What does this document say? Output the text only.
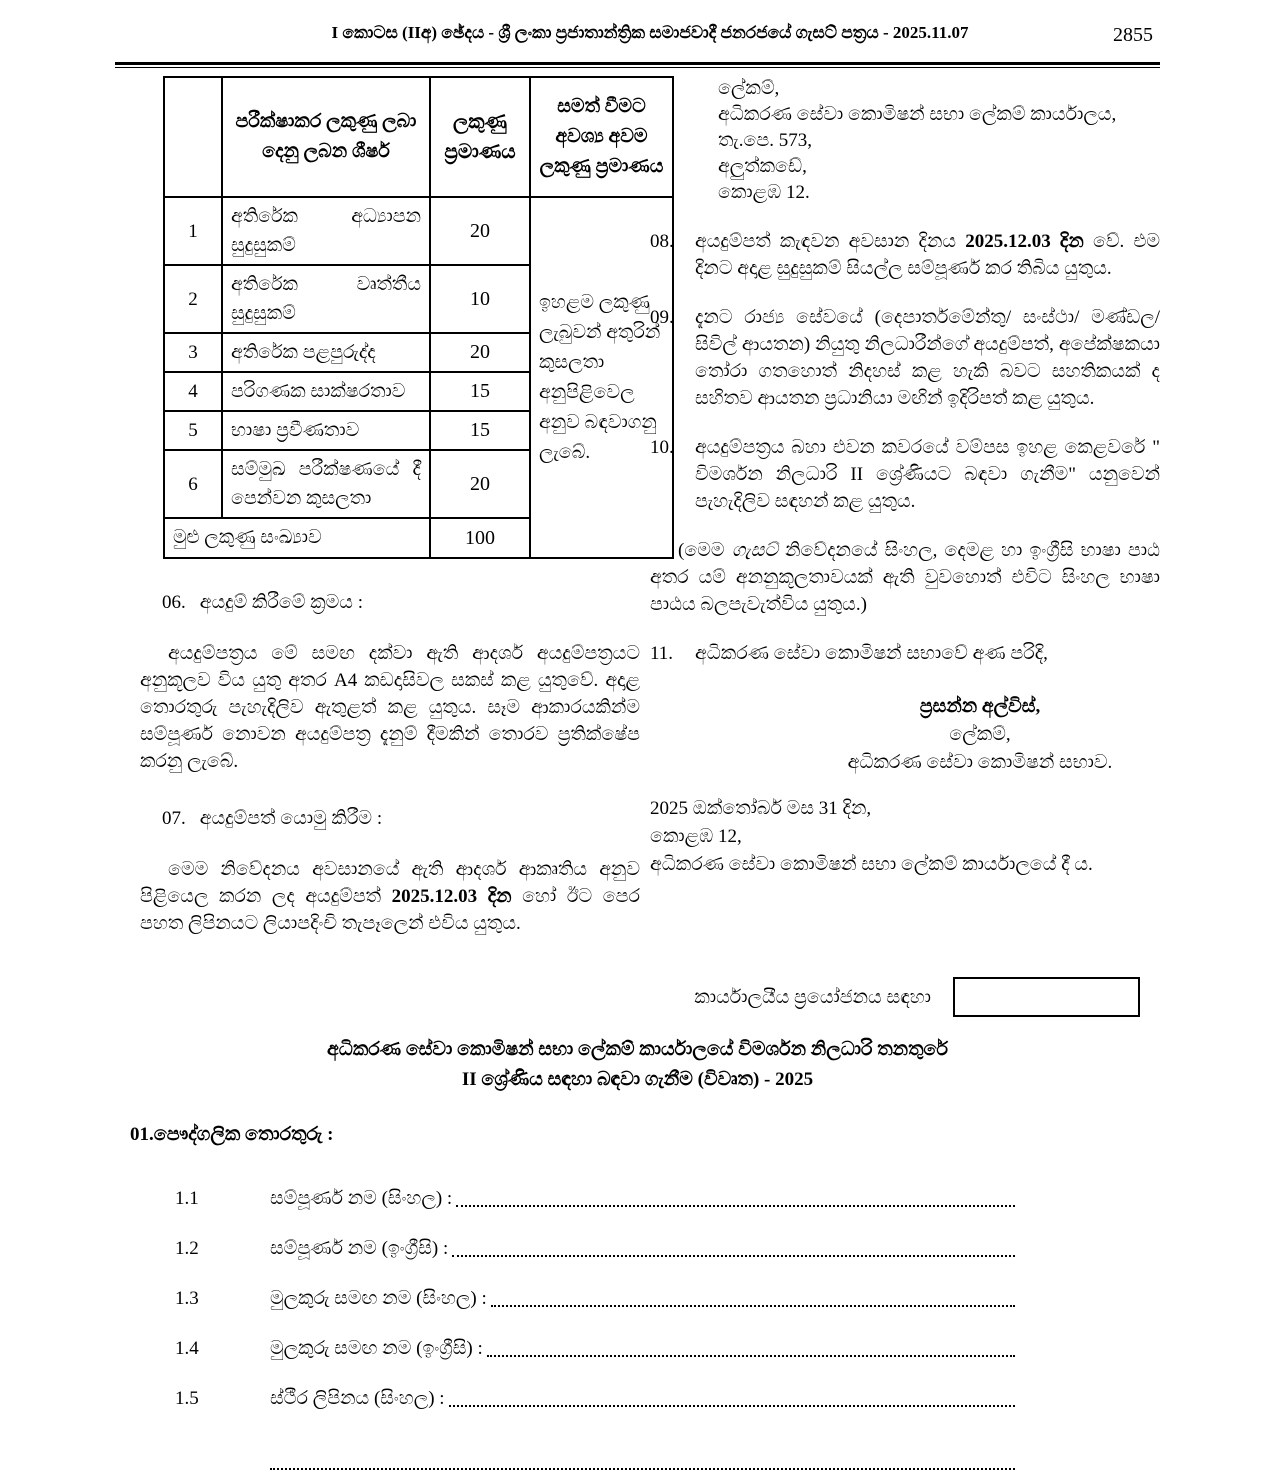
I කොටස (IIඅ) ඡේදය - ශ්‍රී ලංකා ප්‍රජාතාන්ත්‍රික සමාජවාදී ජනරජයේ ගැසට් පත්‍රය - 2025.11.07	2855
	පරීක්ෂාකර ලකුණු ලබා දෙනු ලබන ශීර්ෂ	ලකුණු ප්‍රමාණය	සමත් වීමට අවශ්‍ය අවම ලකුණු ප්‍රමාණය
1	අතිරේක අධ්‍යාපන සුදුසුකම්	20	ඉහළම ලකුණු ලැබුවන් අතුරින් කුසලතා අනුපිළිවෙල අනුව බඳවාගනු ලැබේ.
2	අතිරේක වෘත්තීය සුදුසුකම්	10	
3	අතිරේක පළපුරුද්ද	20	
4	පරිගණක සාක්ෂරතාව	15	
5	භාෂා ප්‍රවීණතාව	15	
6	සම්මුඛ පරීක්ෂණයේ දී පෙන්වන කුසලතා	20	
මුළු ලකුණු සංඛ්‍යාව		100	
06. අයදුම් කිරීමේ ක්‍රමය :
අයදුම්පත්‍රය මේ සමඟ දක්වා ඇති ආදර්ශ අයදුම්පත්‍රයට අනුකූලව විය යුතු අතර A4 කඩදාසිවල සකස් කළ යුතුවේ. අදාළ තොරතුරු පැහැදිලිව ඇතුළත් කළ යුතුය. සෑම ආකාරයකින්ම සම්පූර්ණ නොවන අයදුම්පත්‍ර දැනුම් දීමකින් තොරව ප්‍රතික්ෂේප කරනු ලැබේ.
07. අයදුම්පත් යොමු කිරීම :
මෙම නිවේදනය අවසානයේ ඇති ආදර්ශ ආකෘතිය අනුව පිළියෙල කරන ලද අයදුම්පත් 2025.12.03 දින හෝ ඊට පෙර පහත ලිපිනයට ලියාපදිංචි තැපෑලෙන් එවිය යුතුය.
ලේකම්,
අධිකරණ සේවා කොමිෂන් සභා ලේකම් කාර්යාලය,
තැ.පෙ. 573,
අලුත්කඩේ,
කොළඹ 12.
08.	අයදුම්පත් කැඳවන අවසාන දිනය 2025.12.03 දින වේ. එම දිනට අදාළ සුදුසුකම් සියල්ල සම්පූර්ණ කර තිබිය යුතුය.
09.	දැනට රාජ්‍ය සේවයේ (දෙපාර්තමේන්තු/ සංස්ථා/ මණ්ඩල/ සිවිල් ආයතන) නියුතු නිලධාරීන්ගේ අයදුම්පත්, අපේක්ෂකයා තෝරා ගතහොත් නිදහස් කළ හැකි බවට සහතිකයක් ද සහිතව ආයතන ප්‍රධානියා මඟින් ඉදිරිපත් කළ යුතුය.
10.	අයදුම්පත්‍රය බහා එවන කවරයේ වම්පස ඉහළ කෙළවරේ " විමර්ශන නිලධාරි II ශ්‍රේණියට බඳවා ගැනීම" යනුවෙන් පැහැදිලිව සඳහන් කළ යුතුය.
(මෙම ගැසට් නිවේදනයේ සිංහල, දෙමළ හා ඉංග්‍රීසි භාෂා පාඨ අතර යම් අනනුකූලතාවයක් ඇති වුවහොත් එවිට සිංහල භාෂා පාඨය බලපැවැත්විය යුතුය.)
11.	අධිකරණ සේවා කොමිෂන් සභාවේ අණ පරිදි,
ප්‍රසන්න අල්විස්,
ලේකම්,
අධිකරණ සේවා කොමිෂන් සභාව.
2025 ඔක්තෝබර් මස 31 දින,
කොළඹ 12,
අධිකරණ සේවා කොමිෂන් සභා ලේකම් කාර්යාලයේ දී ය.
කාර්යාලයීය ප්‍රයෝජනය සඳහා
අධිකරණ සේවා කොමිෂන් සභා ලේකම් කාර්යාලයේ විමර්ශන නිලධාරි තනතුරේ
II ශ්‍රේණිය සඳහා බඳවා ගැනීම (විවෘත) - 2025
01.පෞද්ගලික තොරතුරු :
1.1	සම්පූර්ණ නම (සිංහල) :
1.2	සම්පූර්ණ නම (ඉංග්‍රීසි) :
1.3	මුලකුරු සමඟ නම (සිංහල) :
1.4	මුලකුරු සමඟ නම (ඉංග්‍රීසි) :
1.5	ස්ථීර ලිපිනය (සිංහල) :
